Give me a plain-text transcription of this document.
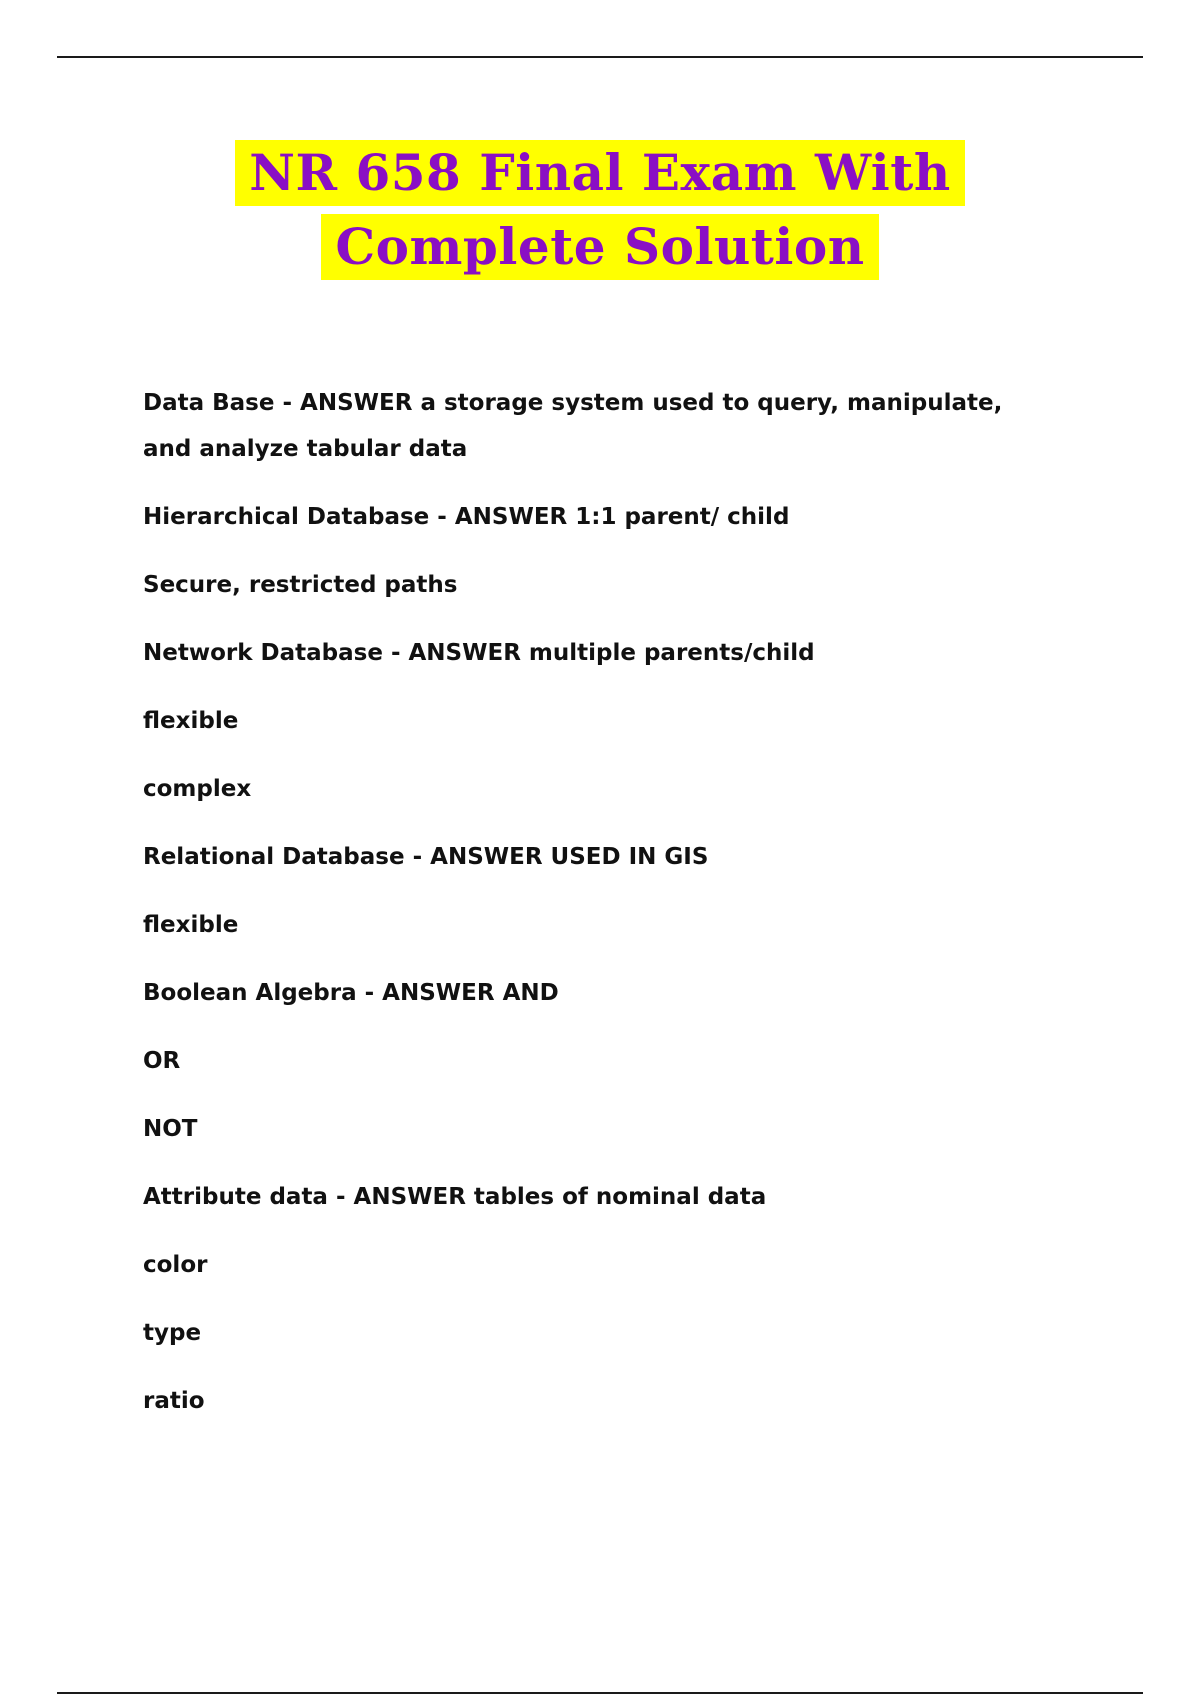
NR 658 Final Exam With
Complete Solution

Data Base - ANSWER a storage system used to query, manipulate, and analyze tabular data

Hierarchical Database - ANSWER 1:1 parent/ child

Secure, restricted paths

Network Database - ANSWER multiple parents/child

flexible

complex

Relational Database - ANSWER USED IN GIS

flexible

Boolean Algebra - ANSWER AND

OR

NOT

Attribute data - ANSWER tables of nominal data

color

type

ratio
